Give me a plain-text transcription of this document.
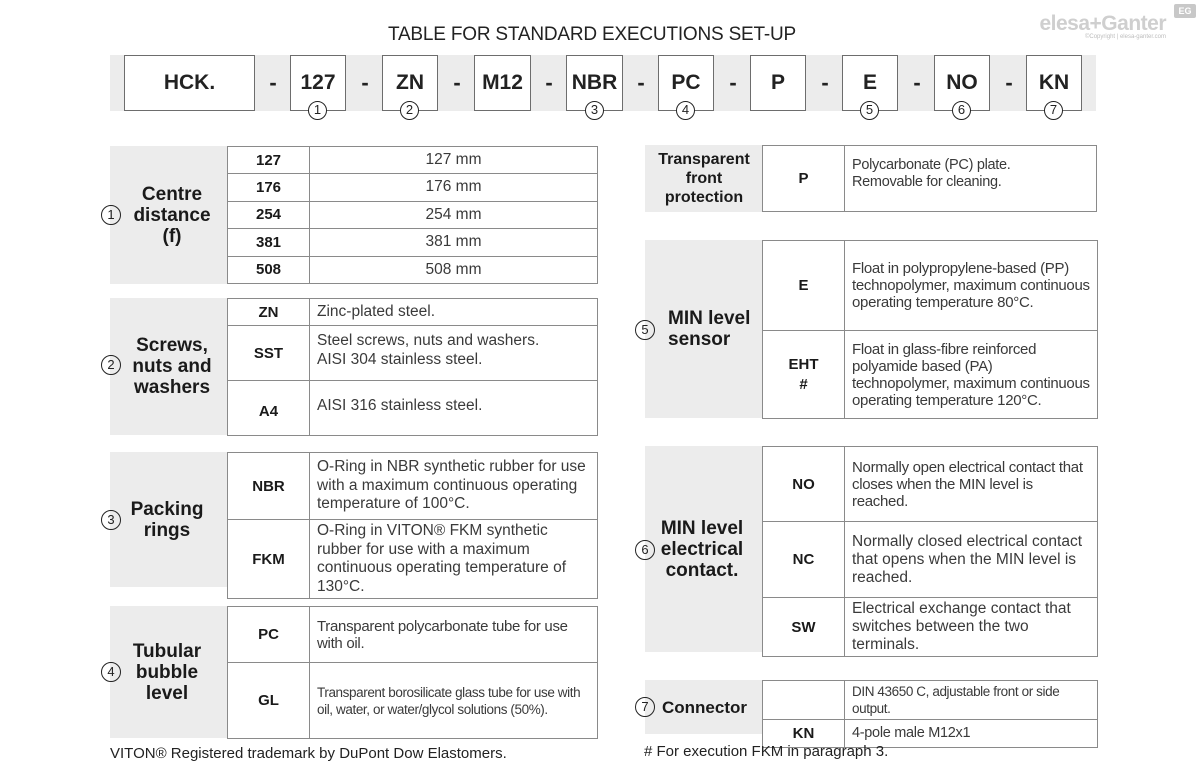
TABLE FOR STANDARD EXECUTIONS SET-UP	elesa+Ganter
©Copyright | elesa-ganter.com
EG
HCK.	-	127	-	ZN	-	M12	- NBR -	PC	-	P	-	E	-	NO	-	KN
1	2	3	4	5	6	7
1
Centre
distance
(f)
127	127 mm
176	176 mm
254	254 mm
381	381 mm
508	508 mm
2
Screws,
nuts and
washers
ZN	Zinc-plated steel.
SST	Steel screws, nuts and washers.
AISI 304 stainless steel.
A4	AISI 316 stainless steel.
3 Packing
rings
NBR	O-Ring in NBR synthetic rubber for use with a maximum continuous operating temperature of 100°C.
FKM	O-Ring in VITON® FKM synthetic rubber for use with a maximum continuous operating temperature of 130°C.
4
Tubular
bubble
level
PC	Transparent polycarbonate tube for use with oil.
GL	Transparent borosilicate glass tube for use with oil, water, or water/glycol solutions (50%).
Transparent
front
protection
P	Polycarbonate (PC) plate.
Removable for cleaning.
5
MIN level
sensor
E	Float in polypropylene-based (PP) technopolymer, maximum continuous operating temperature 80°C.
EHT
#	Float in glass-fibre reinforced polyamide based (PA) technopolymer, maximum continuous operating temperature 120°C.
6
MIN level
electrical
contact.
NO	Normally open electrical contact that closes when the MIN level is reached.
NC	Normally closed electrical contact that opens when the MIN level is reached.
SW	Electrical exchange contact that switches between the two terminals.
7 Connector
	DIN 43650 C, adjustable front or side output.
KN	4-pole male M12x1
VITON® Registered trademark by DuPont Dow Elastomers.	# For execution FKM in paragraph 3.
